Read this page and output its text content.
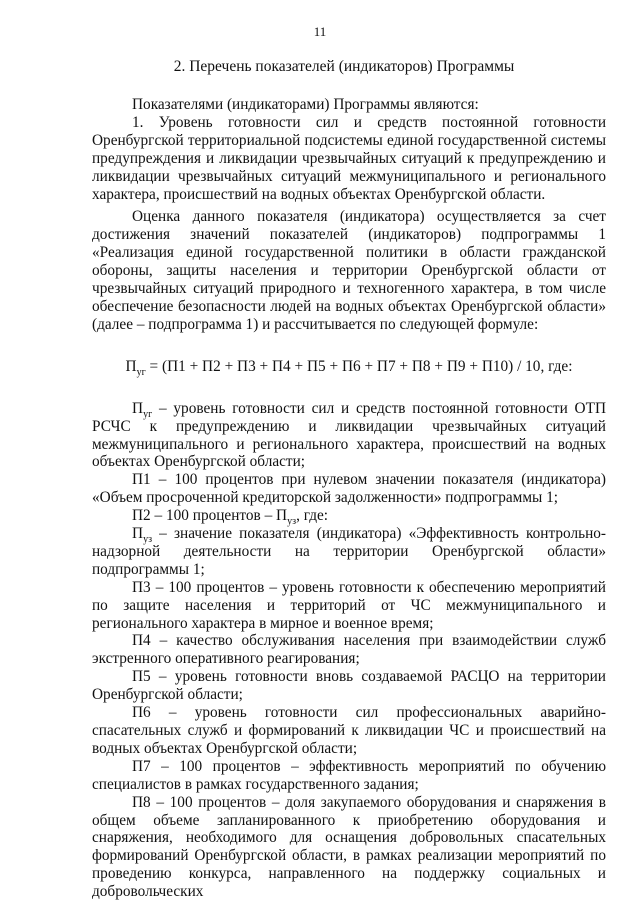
11
2. Перечень показателей (индикаторов) Программы

Показателями (индикаторами) Программы являются:

1. Уровень готовности сил и средств постоянной готовности Оренбургской территориальной подсистемы единой государственной системы предупреждения и ликвидации чрезвычайных ситуаций к предупреждению и ликвидации чрезвычайных ситуаций межмуниципального и регионального характера, происшествий на водных объектах Оренбургской области.

Оценка данного показателя (индикатора) осуществляется за счет достижения значений показателей (индикаторов) подпрограммы 1 «Реализация единой государственной политики в области гражданской обороны, защиты населения и территории Оренбургской области от чрезвычайных ситуаций природного и техногенного характера, в том числе обеспечение безопасности людей на водных объектах Оренбургской области» (далее – подпрограмма 1) и рассчитывается по следующей формуле:

$П_{уг} = (П1 + П2 + П3 + П4 + П5 + П6 + П7 + П8 + П9 + П10) / 10$, где:

$П_{уг}$ – уровень готовности сил и средств постоянной готовности ОТП РСЧС к предупреждению и ликвидации чрезвычайных ситуаций межмуниципального и регионального характера, происшествий на водных объектах Оренбургской области;

П1 – 100 процентов при нулевом значении показателя (индикатора) «Объем просроченной кредиторской задолженности» подпрограммы 1;

П2 – 100 процентов – $П_{уз}$, где:

$П_{уз}$ – значение показателя (индикатора) «Эффективность контрольно-надзорной деятельности на территории Оренбургской области» подпрограммы 1;

П3 – 100 процентов – уровень готовности к обеспечению мероприятий по защите населения и территорий от ЧС межмуниципального и регионального характера в мирное и военное время;

П4 – качество обслуживания населения при взаимодействии служб экстренного оперативного реагирования;

П5 – уровень готовности вновь создаваемой РАСЦО на территории Оренбургской области;

П6 – уровень готовности сил профессиональных аварийно-спасательных служб и формирований к ликвидации ЧС и происшествий на водных объектах Оренбургской области;

П7 – 100 процентов – эффективность мероприятий по обучению специалистов в рамках государственного задания;

П8 – 100 процентов – доля закупаемого оборудования и снаряжения в общем объеме запланированного к приобретению оборудования и снаряжения, необходимого для оснащения добровольных спасательных формирований Оренбургской области, в рамках реализации мероприятий по проведению конкурса, направленного на поддержку социальных и добровольческих
